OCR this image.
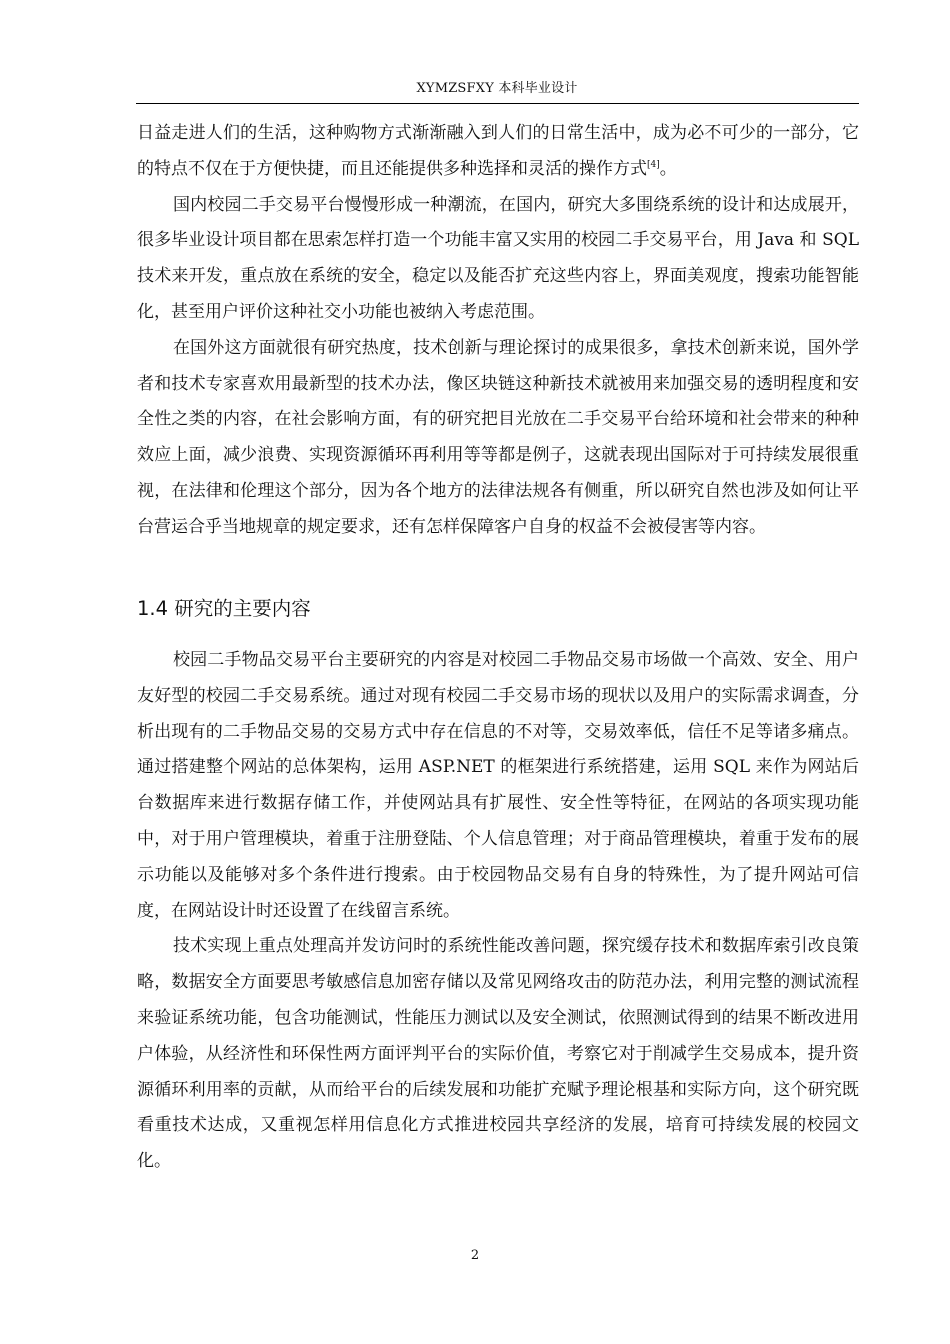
XYMZSFXY 本科毕业设计

日益走进人们的生活，这种购物方式渐渐融入到人们的日常生活中，成为必不可少的一部分，它的特点不仅在于方便快捷，而且还能提供多种选择和灵活的操作方式[4]。

国内校园二手交易平台慢慢形成一种潮流，在国内，研究大多围绕系统的设计和达成展开，很多毕业设计项目都在思索怎样打造一个功能丰富又实用的校园二手交易平台，用 Java 和 SQL 技术来开发，重点放在系统的安全，稳定以及能否扩充这些内容上，界面美观度，搜索功能智能化，甚至用户评价这种社交小功能也被纳入考虑范围。

在国外这方面就很有研究热度，技术创新与理论探讨的成果很多，拿技术创新来说，国外学者和技术专家喜欢用最新型的技术办法，像区块链这种新技术就被用来加强交易的透明程度和安全性之类的内容，在社会影响方面，有的研究把目光放在二手交易平台给环境和社会带来的种种效应上面，减少浪费、实现资源循环再利用等等都是例子，这就表现出国际对于可持续发展很重视，在法律和伦理这个部分，因为各个地方的法律法规各有侧重，所以研究自然也涉及如何让平台营运合乎当地规章的规定要求，还有怎样保障客户自身的权益不会被侵害等内容。

1.4 研究的主要内容

校园二手物品交易平台主要研究的内容是对校园二手物品交易市场做一个高效、安全、用户友好型的校园二手交易系统。通过对现有校园二手交易市场的现状以及用户的实际需求调查，分析出现有的二手物品交易的交易方式中存在信息的不对等，交易效率低，信任不足等诸多痛点。通过搭建整个网站的总体架构，运用 ASP.NET 的框架进行系统搭建，运用 SQL 来作为网站后台数据库来进行数据存储工作，并使网站具有扩展性、安全性等特征，在网站的各项实现功能中，对于用户管理模块，着重于注册登陆、个人信息管理；对于商品管理模块，着重于发布的展示功能以及能够对多个条件进行搜索。由于校园物品交易有自身的特殊性，为了提升网站可信度，在网站设计时还设置了在线留言系统。

技术实现上重点处理高并发访问时的系统性能改善问题，探究缓存技术和数据库索引改良策略，数据安全方面要思考敏感信息加密存储以及常见网络攻击的防范办法，利用完整的测试流程来验证系统功能，包含功能测试，性能压力测试以及安全测试，依照测试得到的结果不断改进用户体验，从经济性和环保性两方面评判平台的实际价值，考察它对于削减学生交易成本，提升资源循环利用率的贡献，从而给平台的后续发展和功能扩充赋予理论根基和实际方向，这个研究既看重技术达成，又重视怎样用信息化方式推进校园共享经济的发展，培育可持续发展的校园文化。

2
